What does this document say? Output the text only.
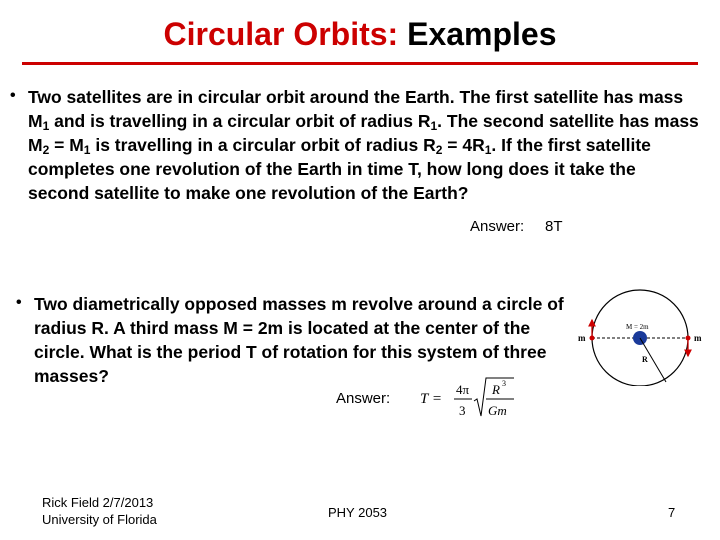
Circular Orbits: Examples
• Two satellites are in circular orbit around the Earth. The first satellite has mass $M_1$ and is travelling in a circular orbit of radius $R_1$. The second satellite has mass $M_2 = M_1$ is travelling in a circular orbit of radius $R_2 = 4R_1$. If the first satellite completes one revolution of the Earth in time T, how long does it take the second satellite to make one revolution of the Earth?
Answer: 8T
• Two diametrically opposed masses m revolve around a circle of radius R. A third mass M = 2m is located at the center of the circle. What is the period T of rotation for this system of three masses?
Answer: T =
4π
3
R 3
Gm
M = 2m
m	m
R
Rick Field 2/7/2013
University of Florida	PHY 2053	7
